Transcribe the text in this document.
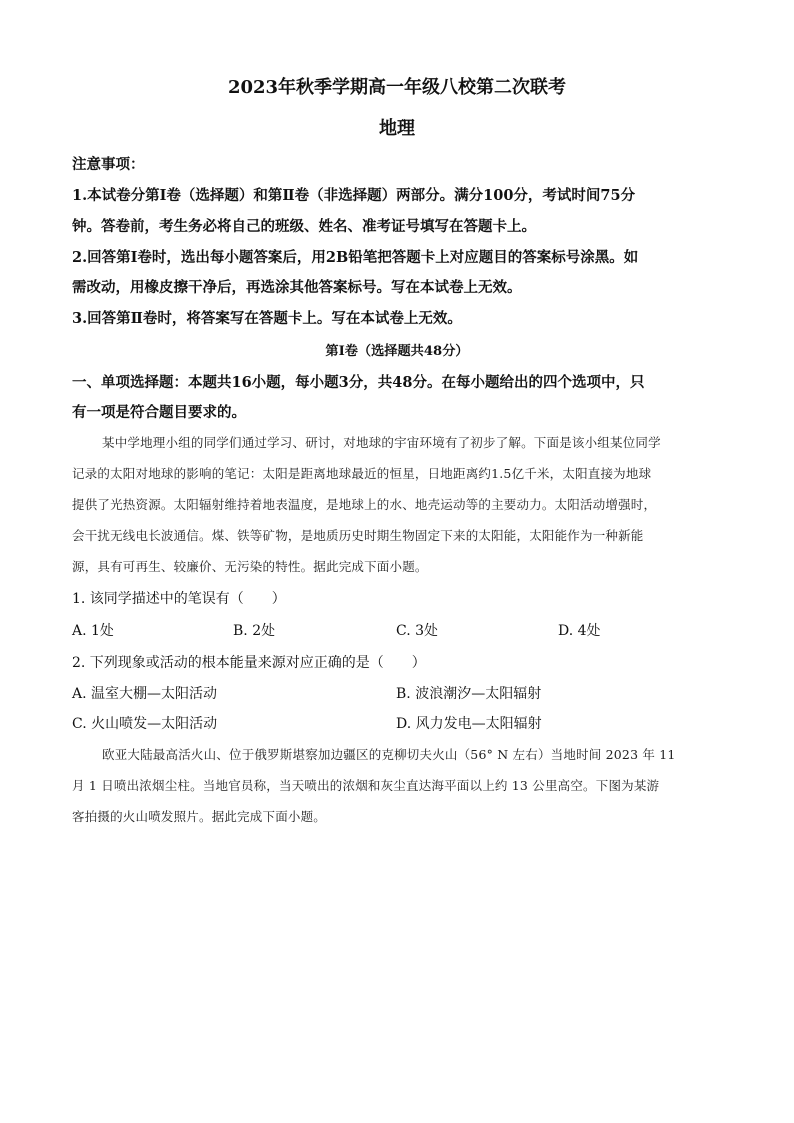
2023年秋季学期高一年级八校第二次联考
地理
注意事项：
1.本试卷分第Ⅰ卷（选择题）和第Ⅱ卷（非选择题）两部分。满分100分，考试时间75分
钟。答卷前，考生务必将自己的班级、姓名、准考证号填写在答题卡上。
2.回答第Ⅰ卷时，选出每小题答案后，用2B铅笔把答题卡上对应题目的答案标号涂黑。如
需改动，用橡皮擦干净后，再选涂其他答案标号。写在本试卷上无效。
3.回答第Ⅱ卷时，将答案写在答题卡上。写在本试卷上无效。
第Ⅰ卷（选择题共48分）
一、单项选择题：本题共16小题，每小题3分，共48分。在每小题给出的四个选项中，只
有一项是符合题目要求的。
某中学地理小组的同学们通过学习、研讨，对地球的宇宙环境有了初步了解。下面是该小组某位同学
记录的太阳对地球的影响的笔记：太阳是距离地球最近的恒星，日地距离约1.5亿千米，太阳直接为地球
提供了光热资源。太阳辐射维持着地表温度，是地球上的水、地壳运动等的主要动力。太阳活动增强时，
会干扰无线电长波通信。煤、铁等矿物，是地质历史时期生物固定下来的太阳能，太阳能作为一种新能
源，具有可再生、较廉价、无污染的特性。据此完成下面小题。
1. 该同学描述中的笔误有（　　）
A. 1处	B. 2处	C. 3处	D. 4处
2. 下列现象或活动的根本能量来源对应正确的是（　　）
A. 温室大棚—太阳活动	B. 波浪潮汐—太阳辐射
C. 火山喷发—太阳活动	D. 风力发电—太阳辐射
欧亚大陆最高活火山、位于俄罗斯堪察加边疆区的克柳切夫火山（56° N 左右）当地时间 2023 年 11
月 1 日喷出浓烟尘柱。当地官员称，当天喷出的浓烟和灰尘直达海平面以上约 13 公里高空。下图为某游
客拍摄的火山喷发照片。据此完成下面小题。
